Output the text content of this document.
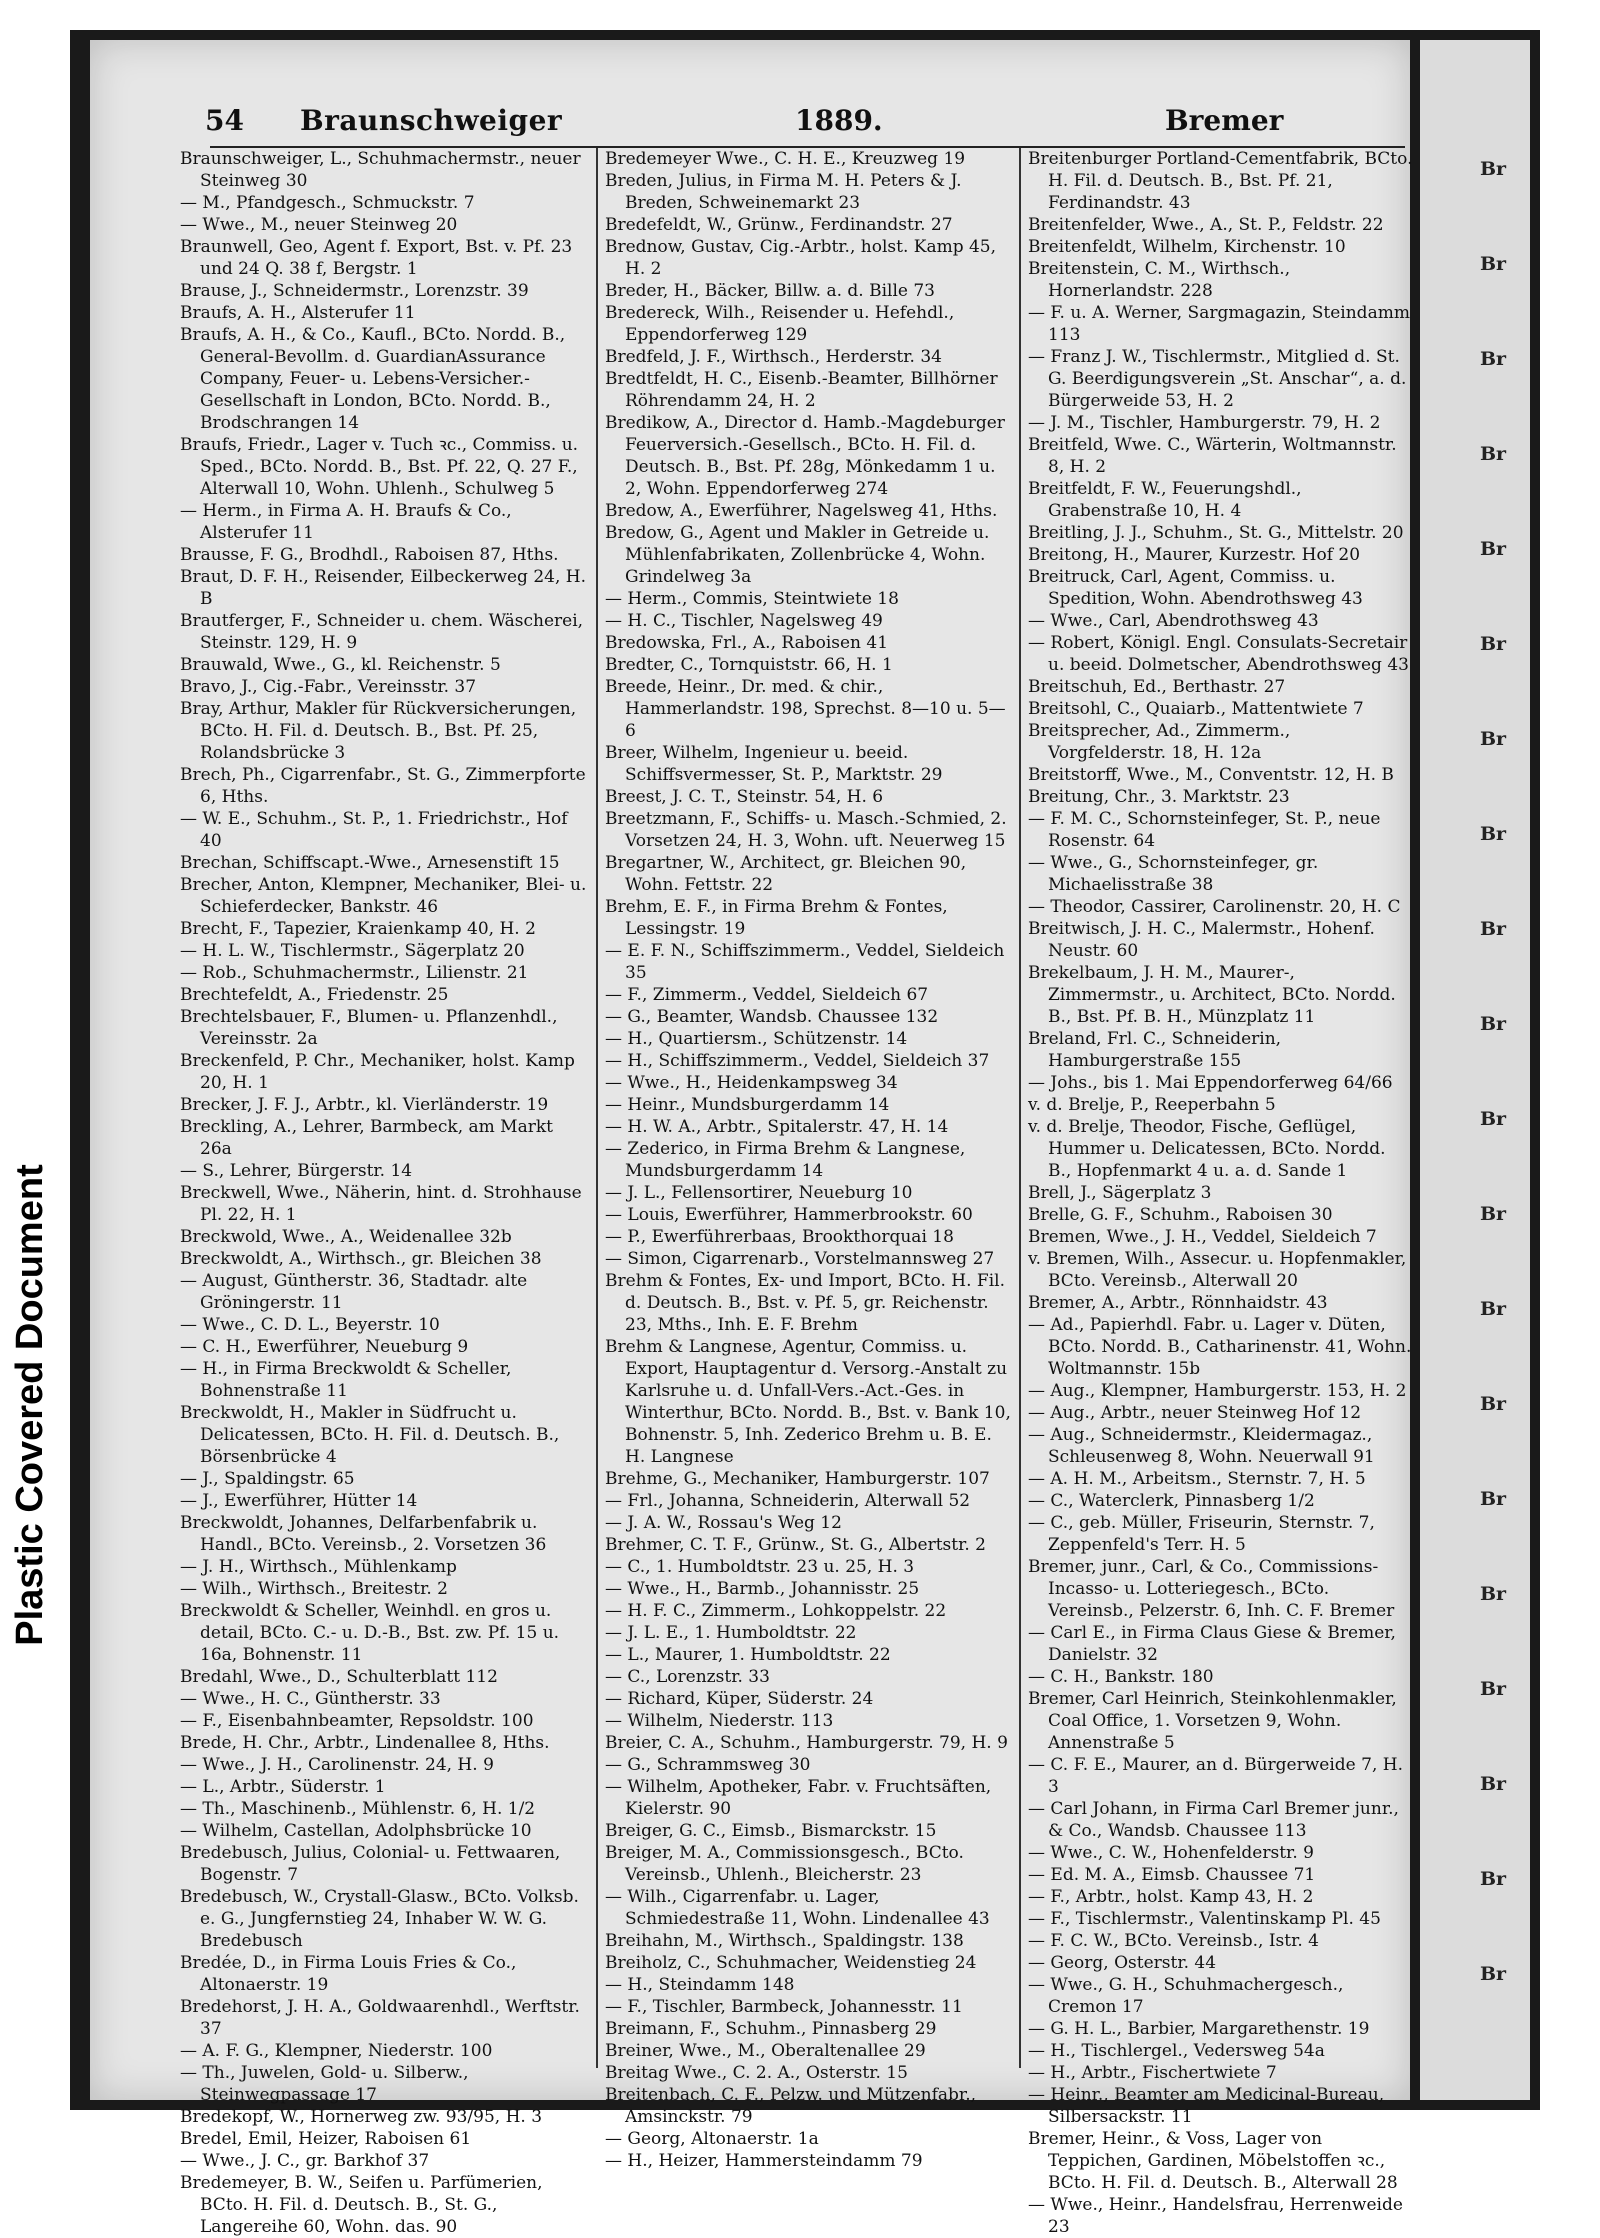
Br
Br
Br
Br
Br
Br
Br
Br
Br
Br
Br
Br
Br
Br
Br
Br
Br
Br
Br
Br
Plastic Covered Document
54 Braunschweiger	1889.	Bremer

Braunschweiger, L., Schuhmachermstr., neuer Steinweg 30

— M., Pfandgesch., Schmuckstr. 7

— Wwe., M., neuer Steinweg 20

Braunwell, Geo, Agent f. Export, Bst. v. Pf. 23 und 24 Q. 38 f, Bergstr. 1

Brause, J., Schneidermstr., Lorenzstr. 39

Braufs, A. H., Alsterufer 11

Braufs, A. H., & Co., Kaufl., BCto. Nordd. B., General-Bevollm. d. GuardianAssurance Company, Feuer- u. Lebens-Versicher.-Gesellschaft in London, BCto. Nordd. B., Brodschrangen 14

Braufs, Friedr., Lager v. Tuch ꝛc., Commiss. u. Sped., BCto. Nordd. B., Bst. Pf. 22, Q. 27 F., Alterwall 10, Wohn. Uhlenh., Schulweg 5

— Herm., in Firma A. H. Braufs & Co., Alsterufer 11

Brausse, F. G., Brodhdl., Raboisen 87, Hths.

Braut, D. F. H., Reisender, Eilbeckerweg 24, H. B

Brautferger, F., Schneider u. chem. Wäscherei, Steinstr. 129, H. 9

Brauwald, Wwe., G., kl. Reichenstr. 5

Bravo, J., Cig.-Fabr., Vereinsstr. 37

Bray, Arthur, Makler für Rückversicherungen, BCto. H. Fil. d. Deutsch. B., Bst. Pf. 25, Rolandsbrücke 3

Brech, Ph., Cigarrenfabr., St. G., Zimmerpforte 6, Hths.

— W. E., Schuhm., St. P., 1. Friedrichstr., Hof 40

Brechan, Schiffscapt.-Wwe., Arnesenstift 15

Brecher, Anton, Klempner, Mechaniker, Blei- u. Schieferdecker, Bankstr. 46

Brecht, F., Tapezier, Kraienkamp 40, H. 2

— H. L. W., Tischlermstr., Sägerplatz 20

— Rob., Schuhmachermstr., Lilienstr. 21

Brechtefeldt, A., Friedenstr. 25

Brechtelsbauer, F., Blumen- u. Pflanzenhdl., Vereinsstr. 2a

Breckenfeld, P. Chr., Mechaniker, holst. Kamp 20, H. 1

Brecker, J. F. J., Arbtr., kl. Vierländerstr. 19

Breckling, A., Lehrer, Barmbeck, am Markt 26a

— S., Lehrer, Bürgerstr. 14

Breckwell, Wwe., Näherin, hint. d. Strohhause Pl. 22, H. 1

Breckwold, Wwe., A., Weidenallee 32b

Breckwoldt, A., Wirthsch., gr. Bleichen 38

— August, Güntherstr. 36, Stadtadr. alte Gröningerstr. 11

— Wwe., C. D. L., Beyerstr. 10

— C. H., Ewerführer, Neueburg 9

— H., in Firma Breckwoldt & Scheller, Bohnenstraße 11

Breckwoldt, H., Makler in Südfrucht u. Delicatessen, BCto. H. Fil. d. Deutsch. B., Börsenbrücke 4

— J., Spaldingstr. 65

— J., Ewerführer, Hütter 14

Breckwoldt, Johannes, Delfarbenfabrik u. Handl., BCto. Vereinsb., 2. Vorsetzen 36

— J. H., Wirthsch., Mühlenkamp

— Wilh., Wirthsch., Breitestr. 2

Breckwoldt & Scheller, Weinhdl. en gros u. detail, BCto. C.- u. D.-B., Bst. zw. Pf. 15 u. 16a, Bohnenstr. 11

Bredahl, Wwe., D., Schulterblatt 112

— Wwe., H. C., Güntherstr. 33

— F., Eisenbahnbeamter, Repsoldstr. 100

Brede, H. Chr., Arbtr., Lindenallee 8, Hths.

— Wwe., J. H., Carolinenstr. 24, H. 9

— L., Arbtr., Süderstr. 1

— Th., Maschinenb., Mühlenstr. 6, H. 1/2

— Wilhelm, Castellan, Adolphsbrücke 10

Bredebusch, Julius, Colonial- u. Fettwaaren, Bogenstr. 7

Bredebusch, W., Crystall-Glasw., BCto. Volksb. e. G., Jungfernstieg 24, Inhaber W. W. G. Bredebusch

Bredée, D., in Firma Louis Fries & Co., Altonaerstr. 19

Bredehorst, J. H. A., Goldwaarenhdl., Werftstr. 37

— A. F. G., Klempner, Niederstr. 100

— Th., Juwelen, Gold- u. Silberw., Steinwegpassage 17

Bredekopf, W., Hornerweg zw. 93/95, H. 3

Bredel, Emil, Heizer, Raboisen 61

— Wwe., J. C., gr. Barkhof 37

Bredemeyer, B. W., Seifen u. Parfümerien, BCto. H. Fil. d. Deutsch. B., St. G., Langereihe 60, Wohn. das. 90

Bredemeyer Wwe., C. H. E., Kreuzweg 19

Breden, Julius, in Firma M. H. Peters & J. Breden, Schweinemarkt 23

Bredefeldt, W., Grünw., Ferdinandstr. 27

Brednow, Gustav, Cig.-Arbtr., holst. Kamp 45, H. 2

Breder, H., Bäcker, Billw. a. d. Bille 73

Bredereck, Wilh., Reisender u. Hefehdl., Eppendorferweg 129

Bredfeld, J. F., Wirthsch., Herderstr. 34

Bredtfeldt, H. C., Eisenb.-Beamter, Billhörner Röhrendamm 24, H. 2

Bredikow, A., Director d. Hamb.-Magdeburger Feuerversich.-Gesellsch., BCto. H. Fil. d. Deutsch. B., Bst. Pf. 28g, Mönkedamm 1 u. 2, Wohn. Eppendorferweg 274

Bredow, A., Ewerführer, Nagelsweg 41, Hths.

Bredow, G., Agent und Makler in Getreide u. Mühlenfabrikaten, Zollenbrücke 4, Wohn. Grindelweg 3a

— Herm., Commis, Steintwiete 18

— H. C., Tischler, Nagelsweg 49

Bredowska, Frl., A., Raboisen 41

Bredter, C., Tornquiststr. 66, H. 1

Breede, Heinr., Dr. med. & chir., Hammerlandstr. 198, Sprechst. 8—10 u. 5—6

Breer, Wilhelm, Ingenieur u. beeid. Schiffsvermesser, St. P., Marktstr. 29

Breest, J. C. T., Steinstr. 54, H. 6

Breetzmann, F., Schiffs- u. Masch.-Schmied, 2. Vorsetzen 24, H. 3, Wohn. uft. Neuerweg 15

Bregartner, W., Architect, gr. Bleichen 90, Wohn. Fettstr. 22

Brehm, E. F., in Firma Brehm & Fontes, Lessingstr. 19

— E. F. N., Schiffszimmerm., Veddel, Sieldeich 35

— F., Zimmerm., Veddel, Sieldeich 67

— G., Beamter, Wandsb. Chaussee 132

— H., Quartiersm., Schützenstr. 14

— H., Schiffszimmerm., Veddel, Sieldeich 37

— Wwe., H., Heidenkampsweg 34

— Heinr., Mundsburgerdamm 14

— H. W. A., Arbtr., Spitalerstr. 47, H. 14

— Zederico, in Firma Brehm & Langnese, Mundsburgerdamm 14

— J. L., Fellensortirer, Neueburg 10

— Louis, Ewerführer, Hammerbrookstr. 60

— P., Ewerführerbaas, Brookthorquai 18

— Simon, Cigarrenarb., Vorstelmannsweg 27

Brehm & Fontes, Ex- und Import, BCto. H. Fil. d. Deutsch. B., Bst. v. Pf. 5, gr. Reichenstr. 23, Mths., Inh. E. F. Brehm

Brehm & Langnese, Agentur, Commiss. u. Export, Hauptagentur d. Versorg.-Anstalt zu Karlsruhe u. d. Unfall-Vers.-Act.-Ges. in Winterthur, BCto. Nordd. B., Bst. v. Bank 10, Bohnenstr. 5, Inh. Zederico Brehm u. B. E. H. Langnese

Brehme, G., Mechaniker, Hamburgerstr. 107

— Frl., Johanna, Schneiderin, Alterwall 52

— J. A. W., Rossau's Weg 12

Brehmer, C. T. F., Grünw., St. G., Albertstr. 2

— C., 1. Humboldtstr. 23 u. 25, H. 3

— Wwe., H., Barmb., Johannisstr. 25

— H. F. C., Zimmerm., Lohkoppelstr. 22

— J. L. E., 1. Humboldtstr. 22

— L., Maurer, 1. Humboldtstr. 22

— C., Lorenzstr. 33

— Richard, Küper, Süderstr. 24

— Wilhelm, Niederstr. 113

Breier, C. A., Schuhm., Hamburgerstr. 79, H. 9

— G., Schrammsweg 30

— Wilhelm, Apotheker, Fabr. v. Fruchtsäften, Kielerstr. 90

Breiger, G. C., Eimsb., Bismarckstr. 15

Breiger, M. A., Commissionsgesch., BCto. Vereinsb., Uhlenh., Bleicherstr. 23

— Wilh., Cigarrenfabr. u. Lager, Schmiedestraße 11, Wohn. Lindenallee 43

Breihahn, M., Wirthsch., Spaldingstr. 138

Breiholz, C., Schuhmacher, Weidenstieg 24

— H., Steindamm 148

— F., Tischler, Barmbeck, Johannesstr. 11

Breimann, F., Schuhm., Pinnasberg 29

Breiner, Wwe., M., Oberaltenallee 29

Breitag Wwe., C. 2. A., Osterstr. 15

Breitenbach, C. F., Pelzw. und Mützenfabr., Amsinckstr. 79

— Georg, Altonaerstr. 1a

— H., Heizer, Hammersteindamm 79

Breitenburger Portland-Cementfabrik, BCto. H. Fil. d. Deutsch. B., Bst. Pf. 21, Ferdinandstr. 43

Breitenfelder, Wwe., A., St. P., Feldstr. 22

Breitenfeldt, Wilhelm, Kirchenstr. 10

Breitenstein, C. M., Wirthsch., Hornerlandstr. 228

— F. u. A. Werner, Sargmagazin, Steindamm 113

— Franz J. W., Tischlermstr., Mitglied d. St. G. Beerdigungsverein „St. Anschar“, a. d. Bürgerweide 53, H. 2

— J. M., Tischler, Hamburgerstr. 79, H. 2

Breitfeld, Wwe. C., Wärterin, Woltmannstr. 8, H. 2

Breitfeldt, F. W., Feuerungshdl., Grabenstraße 10, H. 4

Breitling, J. J., Schuhm., St. G., Mittelstr. 20

Breitong, H., Maurer, Kurzestr. Hof 20

Breitruck, Carl, Agent, Commiss. u. Spedition, Wohn. Abendrothsweg 43

— Wwe., Carl, Abendrothsweg 43

— Robert, Königl. Engl. Consulats-Secretair u. beeid. Dolmetscher, Abendrothsweg 43

Breitschuh, Ed., Berthastr. 27

Breitsohl, C., Quaiarb., Mattentwiete 7

Breitsprecher, Ad., Zimmerm., Vorgfelderstr. 18, H. 12a

Breitstorff, Wwe., M., Conventstr. 12, H. B

Breitung, Chr., 3. Marktstr. 23

— F. M. C., Schornsteinfeger, St. P., neue Rosenstr. 64

— Wwe., G., Schornsteinfeger, gr. Michaelisstraße 38

— Theodor, Cassirer, Carolinenstr. 20, H. C

Breitwisch, J. H. C., Malermstr., Hohenf. Neustr. 60

Brekelbaum, J. H. M., Maurer-, Zimmermstr., u. Architect, BCto. Nordd. B., Bst. Pf. B. H., Münzplatz 11

Breland, Frl. C., Schneiderin, Hamburgerstraße 155

— Johs., bis 1. Mai Eppendorferweg 64/66

v. d. Brelje, P., Reeperbahn 5

v. d. Brelje, Theodor, Fische, Geflügel, Hummer u. Delicatessen, BCto. Nordd. B., Hopfenmarkt 4 u. a. d. Sande 1

Brell, J., Sägerplatz 3

Brelle, G. F., Schuhm., Raboisen 30

Bremen, Wwe., J. H., Veddel, Sieldeich 7

v. Bremen, Wilh., Assecur. u. Hopfenmakler, BCto. Vereinsb., Alterwall 20

Bremer, A., Arbtr., Rönnhaidstr. 43

— Ad., Papierhdl. Fabr. u. Lager v. Düten, BCto. Nordd. B., Catharinenstr. 41, Wohn. Woltmannstr. 15b

— Aug., Klempner, Hamburgerstr. 153, H. 2

— Aug., Arbtr., neuer Steinweg Hof 12

— Aug., Schneidermstr., Kleidermagaz., Schleusenweg 8, Wohn. Neuerwall 91

— A. H. M., Arbeitsm., Sternstr. 7, H. 5

— C., Waterclerk, Pinnasberg 1/2

— C., geb. Müller, Friseurin, Sternstr. 7, Zeppenfeld's Terr. H. 5

Bremer, junr., Carl, & Co., Commissions-Incasso- u. Lotteriegesch., BCto. Vereinsb., Pelzerstr. 6, Inh. C. F. Bremer

— Carl E., in Firma Claus Giese & Bremer, Danielstr. 32

— C. H., Bankstr. 180

Bremer, Carl Heinrich, Steinkohlenmakler, Coal Office, 1. Vorsetzen 9, Wohn. Annenstraße 5

— C. F. E., Maurer, an d. Bürgerweide 7, H. 3

— Carl Johann, in Firma Carl Bremer junr., & Co., Wandsb. Chaussee 113

— Wwe., C. W., Hohenfelderstr. 9

— Ed. M. A., Eimsb. Chaussee 71

— F., Arbtr., holst. Kamp 43, H. 2

— F., Tischlermstr., Valentinskamp Pl. 45

— F. C. W., BCto. Vereinsb., Istr. 4

— Georg, Osterstr. 44

— Wwe., G. H., Schuhmachergesch., Cremon 17

— G. H. L., Barbier, Margarethenstr. 19

— H., Tischlergel., Vedersweg 54a

— H., Arbtr., Fischertwiete 7

— Heinr., Beamter am Medicinal-Bureau, Silbersackstr. 11

Bremer, Heinr., & Voss, Lager von Teppichen, Gardinen, Möbelstoffen ꝛc., BCto. H. Fil. d. Deutsch. B., Alterwall 28

— Wwe., Heinr., Handelsfrau, Herrenweide 23
